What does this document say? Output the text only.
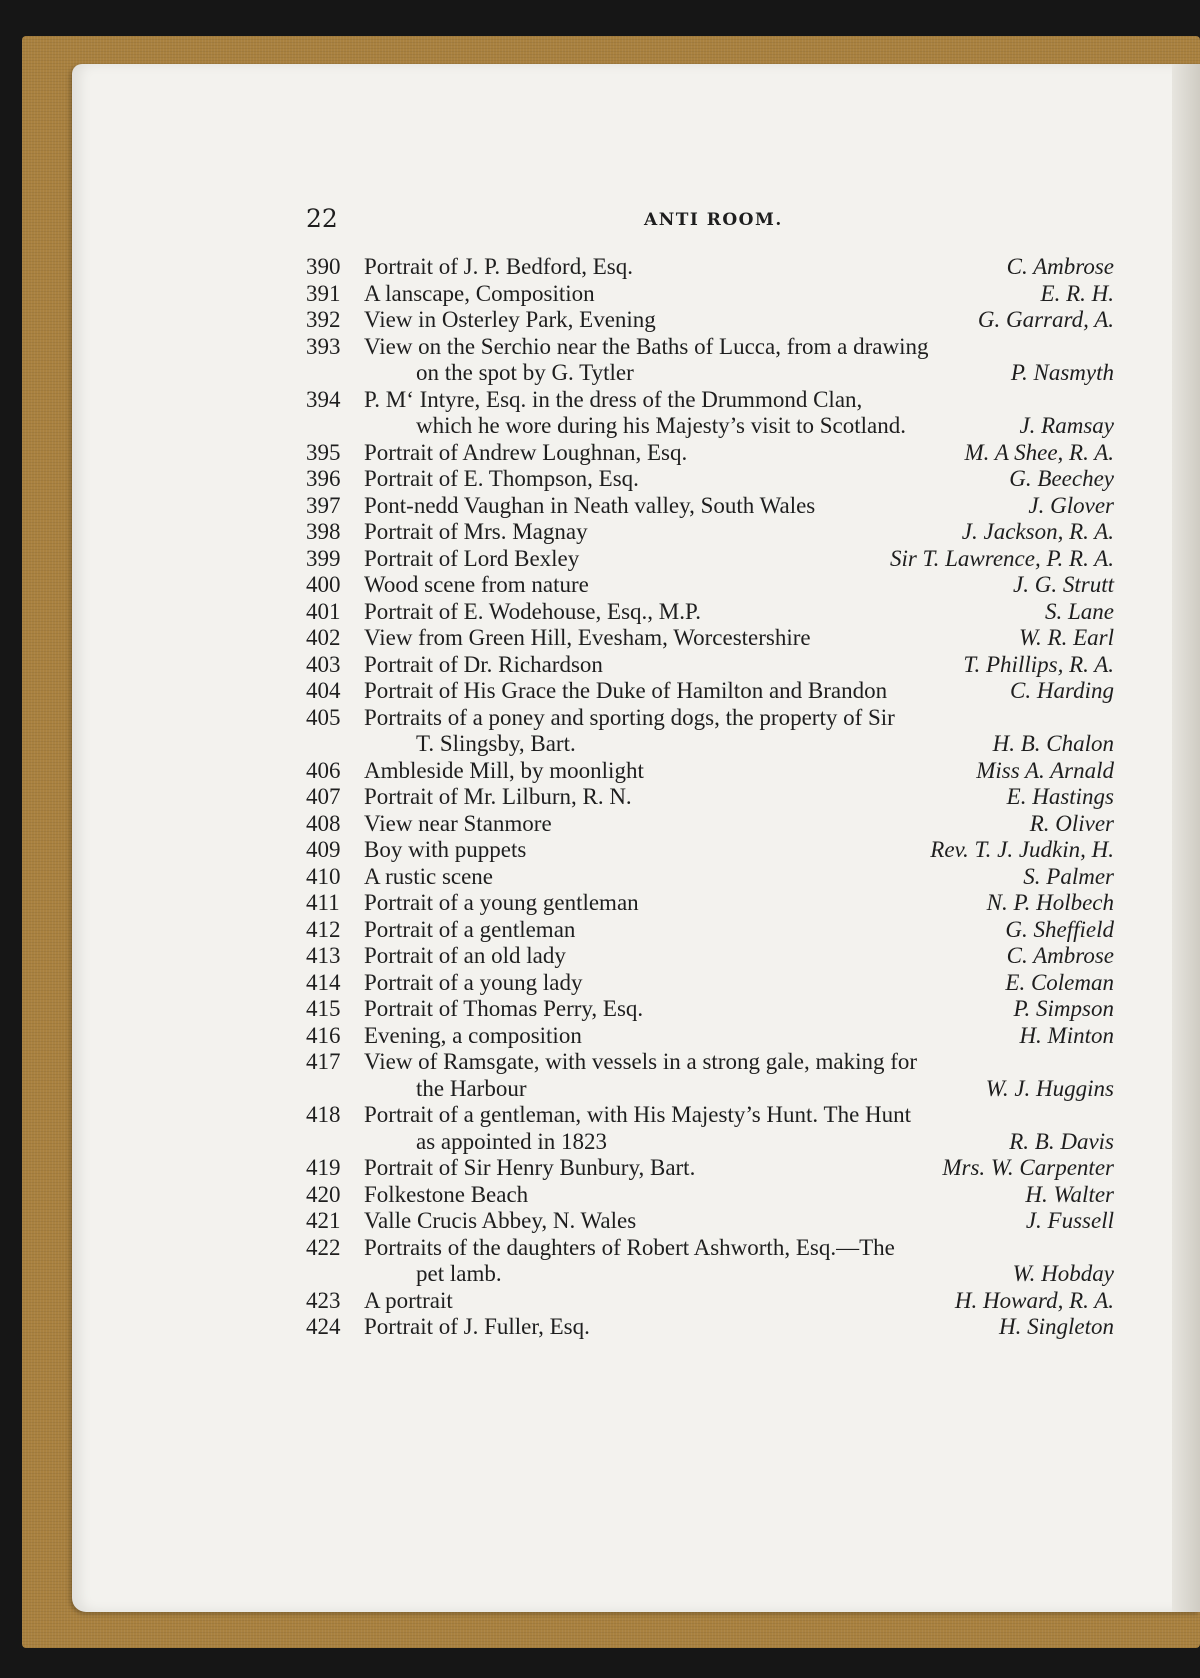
22	ANTI ROOM.
390	Portrait of J. P. Bedford, Esq.	C. Ambrose
391	A lanscape, Composition	E. R. H.
392	View in Osterley Park, Evening	G. Garrard, A.
393	View on the Serchio near the Baths of Lucca, from a drawing
on the spot by G. Tytler	P. Nasmyth
394	P. M‘ Intyre, Esq. in the dress of the Drummond Clan,
which he wore during his Majesty’s visit to Scotland.	J. Ramsay
395	Portrait of Andrew Loughnan, Esq.	M. A Shee, R. A.
396	Portrait of E. Thompson, Esq.	G. Beechey
397	Pont-nedd Vaughan in Neath valley, South Wales	J. Glover
398	Portrait of Mrs. Magnay	J. Jackson, R. A.
399	Portrait of Lord Bexley	Sir T. Lawrence, P. R. A.
400	Wood scene from nature	J. G. Strutt
401	Portrait of E. Wodehouse, Esq., M.P.	S. Lane
402	View from Green Hill, Evesham, Worcestershire	W. R. Earl
403	Portrait of Dr. Richardson	T. Phillips, R. A.
404	Portrait of His Grace the Duke of Hamilton and Brandon	C. Harding
405	Portraits of a poney and sporting dogs, the property of Sir
T. Slingsby, Bart.	H. B. Chalon
406	Ambleside Mill, by moonlight	Miss A. Arnald
407	Portrait of Mr. Lilburn, R. N.	E. Hastings
408	View near Stanmore	R. Oliver
409	Boy with puppets	Rev. T. J. Judkin, H.
410	A rustic scene	S. Palmer
411	Portrait of a young gentleman	N. P. Holbech
412	Portrait of a gentleman	G. Sheffield
413	Portrait of an old lady	C. Ambrose
414	Portrait of a young lady	E. Coleman
415	Portrait of Thomas Perry, Esq.	P. Simpson
416	Evening, a composition	H. Minton
417	View of Ramsgate, with vessels in a strong gale, making for
the Harbour	W. J. Huggins
418	Portrait of a gentleman, with His Majesty’s Hunt. The Hunt
as appointed in 1823	R. B. Davis
419	Portrait of Sir Henry Bunbury, Bart.	Mrs. W. Carpenter
420	Folkestone Beach	H. Walter
421	Valle Crucis Abbey, N. Wales	J. Fussell
422	Portraits of the daughters of Robert Ashworth, Esq.—The
pet lamb.	W. Hobday
423	A portrait	H. Howard, R. A.
424	Portrait of J. Fuller, Esq.	H. Singleton
